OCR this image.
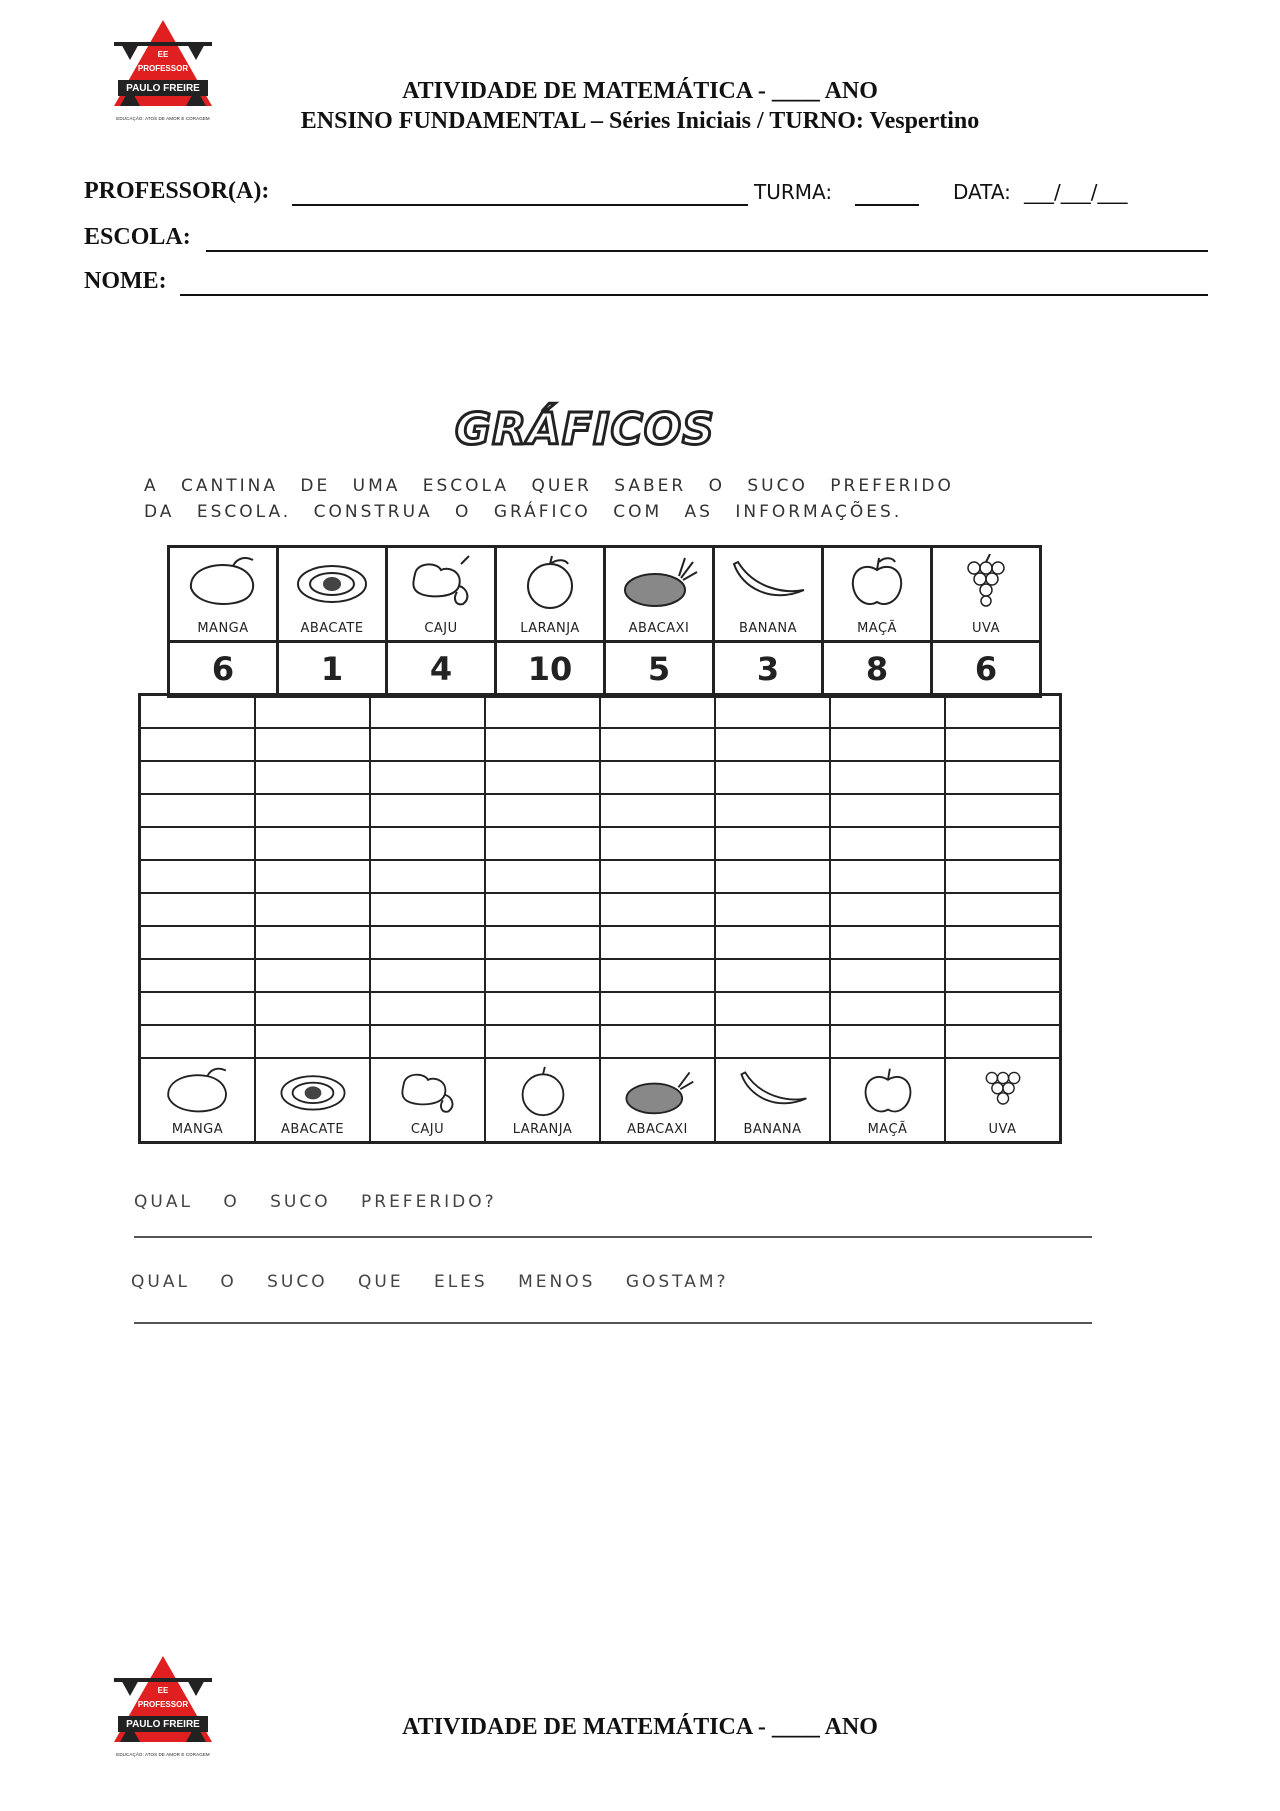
EE
PROFESSOR
PAULO FREIRE
EDUCAÇÃO: ATOS DE AMOR E CORAGEM
ATIVIDADE DE MATEMÁTICA - ____ ANO
ENSINO FUNDAMENTAL – Séries Iniciais / TURNO: Vespertino
PROFESSOR(A):	TURMA:	DATA: ___/___/___
ESCOLA:
NOME:
GRÁFICOS
A CANTINA DE UMA ESCOLA QUER SABER O SUCO PREFERIDO
DA ESCOLA. CONSTRUA O GRÁFICO COM AS INFORMAÇÕES.
MANGA	ABACATE	CAJU	LARANJA	ABACAXI	BANANA	MAÇÃ	UVA

6	1	4	10	5	3	8	6

MANGA	ABACATE	CAJU	LARANJA	ABACAXI	BANANA	MAÇÃ	UVA
QUAL O SUCO PREFERIDO?
QUAL O SUCO QUE ELES MENOS GOSTAM?
EE
PROFESSOR
PAULO FREIRE
EDUCAÇÃO: ATOS DE AMOR E CORAGEM
ATIVIDADE DE MATEMÁTICA - ____ ANO
